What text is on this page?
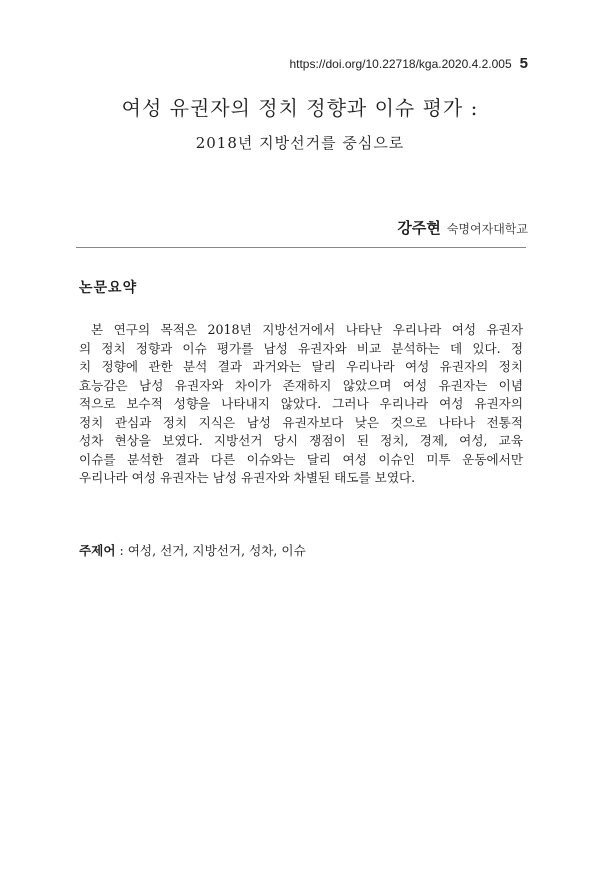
https://doi.org/10.22718/kga.2020.4.2.005 5
여성 유권자의 정치 정향과 이슈 평가 :
2018년 지방선거를 중심으로
강주현 숙명여자대학교
논문요약
본 연구의 목적은 2018년 지방선거에서 나타난 우리나라 여성 유권자
의 정치 정향과 이슈 평가를 남성 유권자와 비교 분석하는 데 있다. 정
치 정향에 관한 분석 결과 과거와는 달리 우리나라 여성 유권자의 정치
효능감은 남성 유권자와 차이가 존재하지 않았으며 여성 유권자는 이념
적으로 보수적 성향을 나타내지 않았다. 그러나 우리나라 여성 유권자의
정치 관심과 정치 지식은 남성 유권자보다 낮은 것으로 나타나 전통적
성차 현상을 보였다. 지방선거 당시 쟁점이 된 정치, 경제, 여성, 교육
이슈를 분석한 결과 다른 이슈와는 달리 여성 이슈인 미투 운동에서만
우리나라 여성 유권자는 남성 유권자와 차별된 태도를 보였다.
주제어 : 여성, 선거, 지방선거, 성차, 이슈
